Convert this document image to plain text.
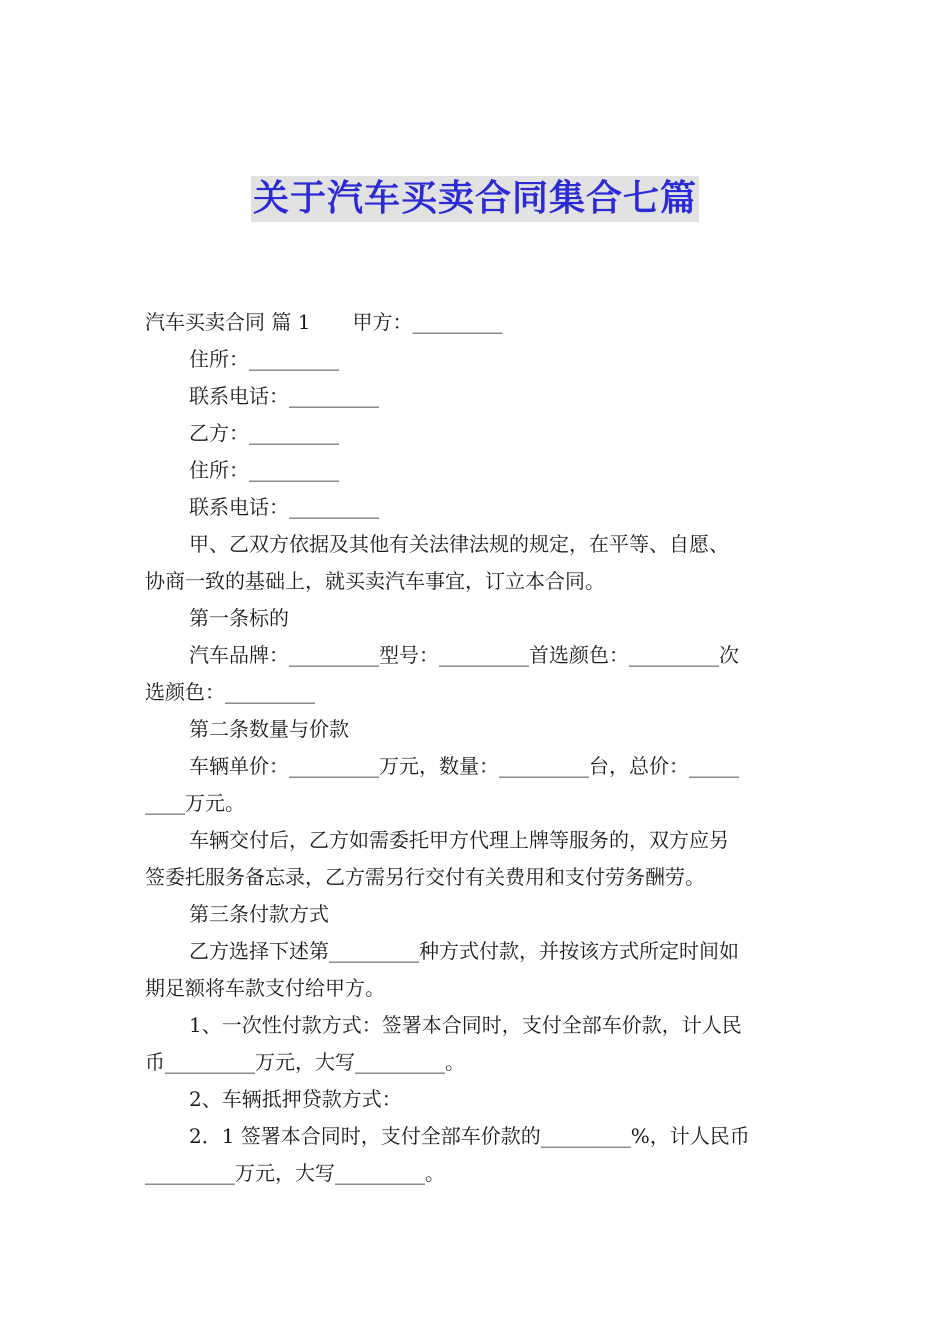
关于汽车买卖合同集合七篇

汽车买卖合同 篇 1 甲方：_________

住所：_________

联系电话：_________

乙方：_________

住所：_________

联系电话：_________

甲、乙双方依据及其他有关法律法规的规定，在平等、自愿、

协商一致的基础上，就买卖汽车事宜，订立本合同。

第一条标的

汽车品牌：_________型号：_________首选颜色：_________次

选颜色：_________

第二条数量与价款

车辆单价：_________万元，数量：_________台，总价：_____

____万元。

车辆交付后，乙方如需委托甲方代理上牌等服务的，双方应另

签委托服务备忘录，乙方需另行交付有关费用和支付劳务酬劳。

第三条付款方式

乙方选择下述第_________种方式付款，并按该方式所定时间如

期足额将车款支付给甲方。

1、一次性付款方式：签署本合同时，支付全部车价款，计人民

币_________万元，大写_________。

2、车辆抵押贷款方式：

2．1 签署本合同时，支付全部车价款的_________%，计人民币

_________万元，大写_________。
